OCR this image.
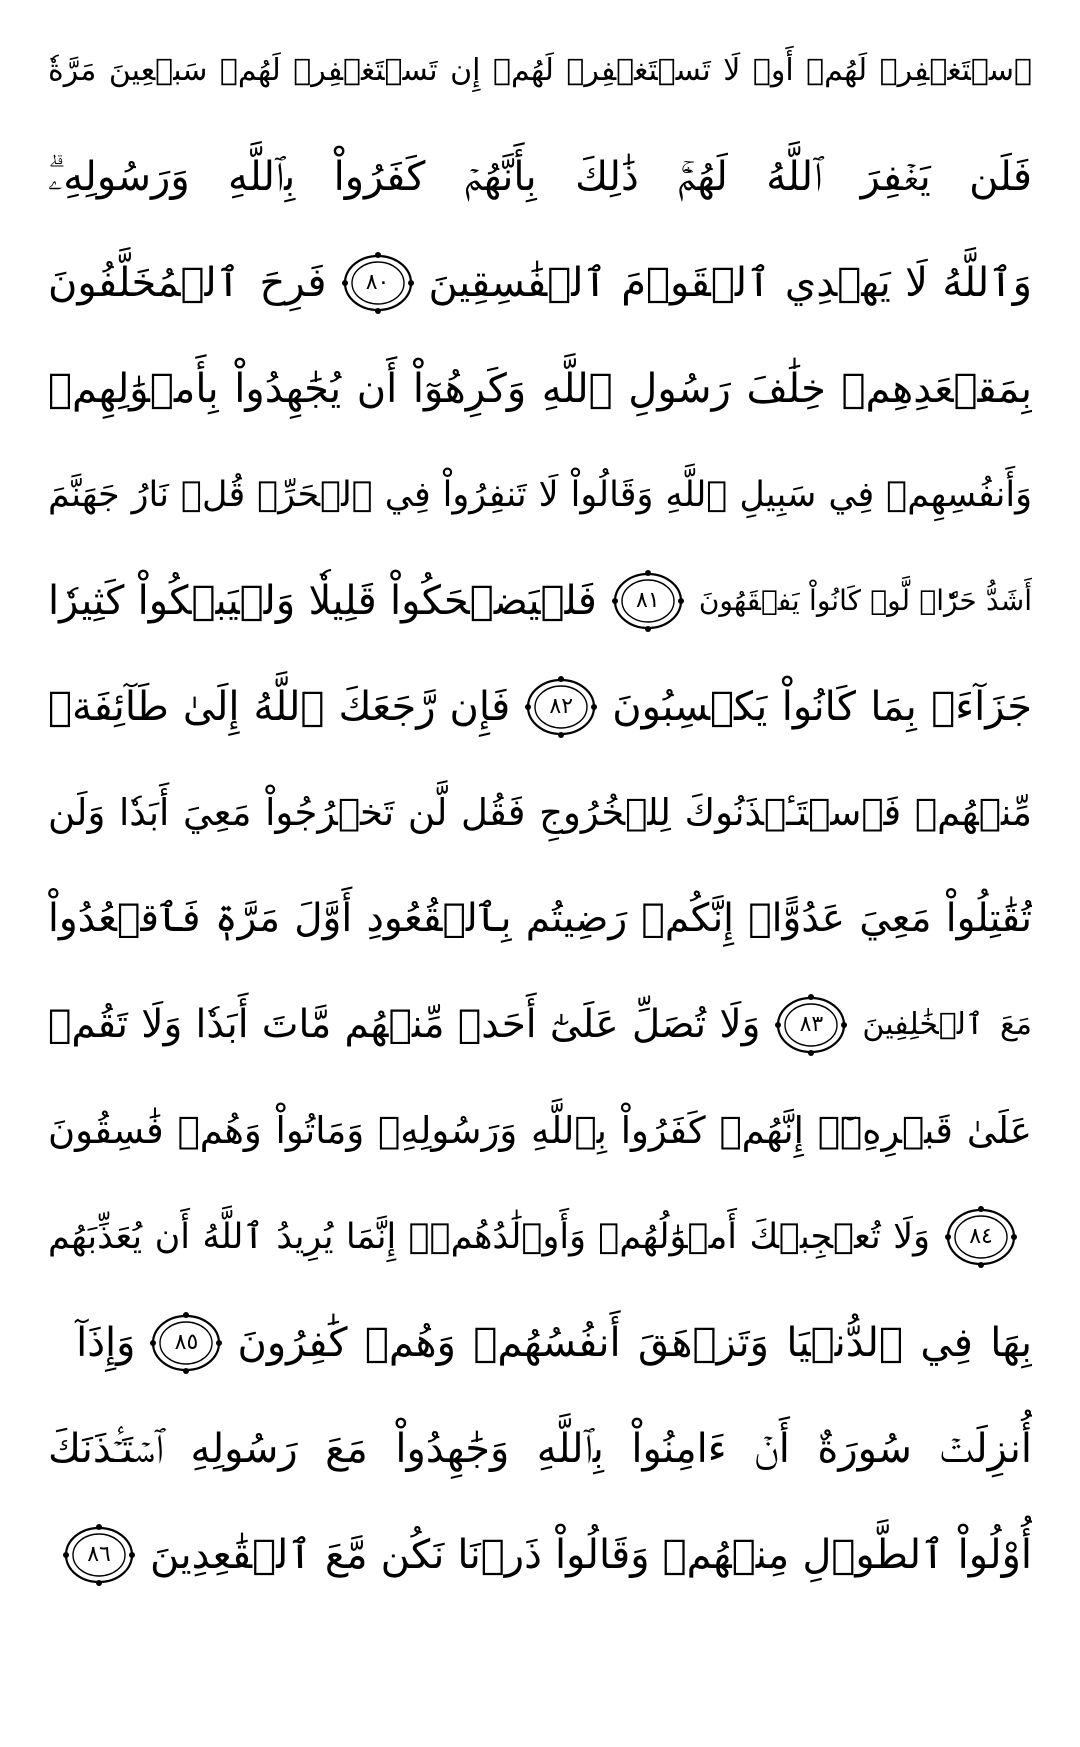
ٱسۡتَغۡفِرۡ لَهُمۡ أَوۡ لَا تَسۡتَغۡفِرۡ لَهُمۡ إِن تَسۡتَغۡفِرۡ لَهُمۡ سَبۡعِينَ مَرَّةٗ
فَلَن يَغۡفِرَ ٱللَّهُ لَهُمۡۚ ذَٰلِكَ بِأَنَّهُمۡ كَفَرُواْ بِٱللَّهِ وَرَسُولِهِۦۗ
وَٱللَّهُ لَا يَهۡدِي ٱلۡقَوۡمَ ٱلۡفَٰسِقِينَ
٨٠
فَرِحَ ٱلۡمُخَلَّفُونَ
بِمَقۡعَدِهِمۡ خِلَٰفَ رَسُولِ ٱللَّهِ وَكَرِهُوٓاْ أَن يُجَٰهِدُواْ بِأَمۡوَٰلِهِمۡ
وَأَنفُسِهِمۡ فِي سَبِيلِ ٱللَّهِ وَقَالُواْ لَا تَنفِرُواْ فِي ٱلۡحَرِّۗ قُلۡ نَارُ جَهَنَّمَ
أَشَدُّ حَرّٗاۚ لَّوۡ كَانُواْ يَفۡقَهُونَ
٨١
فَلۡيَضۡحَكُواْ قَلِيلٗا وَلۡيَبۡكُواْ كَثِيرٗا
جَزَآءَۢ بِمَا كَانُواْ يَكۡسِبُونَ
٨٢
فَإِن رَّجَعَكَ ٱللَّهُ إِلَىٰ طَآئِفَةٖ
مِّنۡهُمۡ فَٱسۡتَـٔۡذَنُوكَ لِلۡخُرُوجِ فَقُل لَّن تَخۡرُجُواْ مَعِيَ أَبَدٗا وَلَن
تُقَٰتِلُواْ مَعِيَ عَدُوًّاۖ إِنَّكُمۡ رَضِيتُم بِٱلۡقُعُودِ أَوَّلَ مَرَّةٖ فَٱقۡعُدُواْ
مَعَ ٱلۡخَٰلِفِينَ
٨٣
وَلَا تُصَلِّ عَلَىٰٓ أَحَدٖ مِّنۡهُم مَّاتَ أَبَدٗا وَلَا تَقُمۡ
عَلَىٰ قَبۡرِهِۦٓۖ إِنَّهُمۡ كَفَرُواْ بِٱللَّهِ وَرَسُولِهِۦ وَمَاتُواْ وَهُمۡ فَٰسِقُونَ
٨٤
وَلَا تُعۡجِبۡكَ أَمۡوَٰلُهُمۡ وَأَوۡلَٰدُهُمۡۚ إِنَّمَا يُرِيدُ ٱللَّهُ أَن يُعَذِّبَهُم
بِهَا فِي ٱلدُّنۡيَا وَتَزۡهَقَ أَنفُسُهُمۡ وَهُمۡ كَٰفِرُونَ
٨٥
وَإِذَآ
أُنزِلَتۡ سُورَةٌ أَنۡ ءَامِنُواْ بِٱللَّهِ وَجَٰهِدُواْ مَعَ رَسُولِهِ ٱسۡتَـٔۡذَنَكَ
أُوْلُواْ ٱلطَّوۡلِ مِنۡهُمۡ وَقَالُواْ ذَرۡنَا نَكُن مَّعَ ٱلۡقَٰعِدِينَ
٨٦
